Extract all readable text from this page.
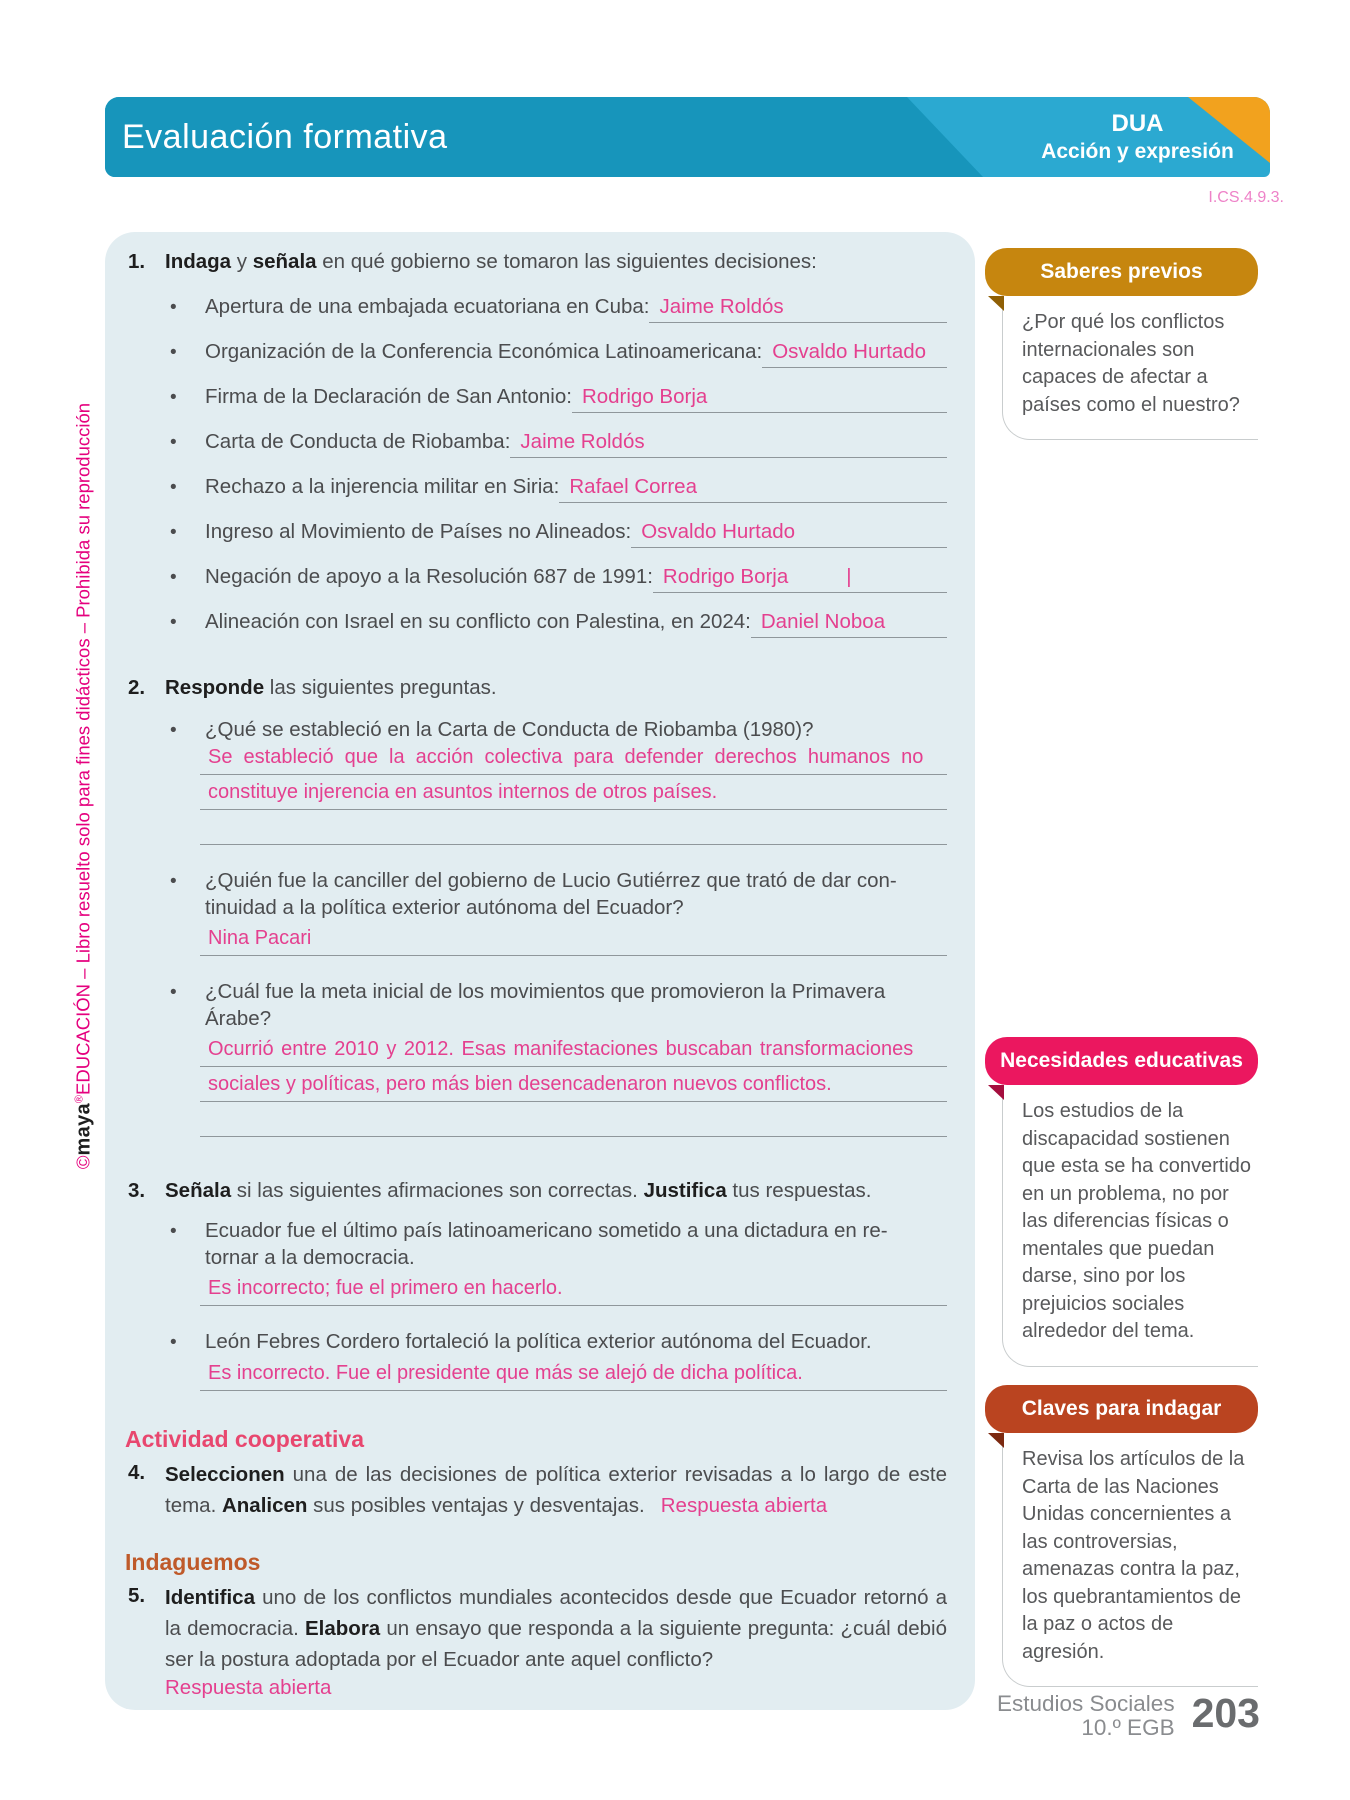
Evaluación formativa	DUA
Acción y expresión
I.CS.4.9.3.
©maya®EDUCACIÓN – Libro resuelto solo para fines didácticos – Prohibida su reproducción
1. Indaga y señala en qué gobierno se tomaron las siguientes decisiones:

•	Apertura de una embajada ecuatoriana en Cuba: Jaime Roldós
•	Organización de la Conferencia Económica Latinoamericana: Osvaldo Hurtado
•	Firma de la Declaración de San Antonio: Rodrigo Borja
•	Carta de Conducta de Riobamba: Jaime Roldós
•	Rechazo a la injerencia militar en Siria: Rafael Correa
•	Ingreso al Movimiento de Países no Alineados: Osvaldo Hurtado
•	Negación de apoyo a la Resolución 687 de 1991: Rodrigo Borja	|
•	Alineación con Israel en su conflicto con Palestina, en 2024: Daniel Noboa
2. Responde las siguientes preguntas.

•	¿Qué se estableció en la Carta de Conducta de Riobamba (1980)?
Se estableció que la acción colectiva para defender derechos humanos no
constituye injerencia en asuntos internos de otros países.
•	¿Quién fue la canciller del gobierno de Lucio Gutiérrez que trató de dar con-
tinuidad a la política exterior autónoma del Ecuador?
Nina Pacari
•	¿Cuál fue la meta inicial de los movimientos que promovieron la Primavera
Árabe?
Ocurrió entre 2010 y 2012. Esas manifestaciones buscaban transformaciones
sociales y políticas, pero más bien desencadenaron nuevos conflictos.
3. Señala si las siguientes afirmaciones son correctas. Justifica tus respuestas.

•	Ecuador fue el último país latinoamericano sometido a una dictadura en re-
tornar a la democracia.
Es incorrecto; fue el primero en hacerlo.
•	León Febres Cordero fortaleció la política exterior autónoma del Ecuador.
Es incorrecto. Fue el presidente que más se alejó de dicha política.
Actividad cooperativa
4. Seleccionen una de las decisiones de política exterior revisadas a lo largo de este tema. Analicen sus posibles ventajas y desventajas. Respuesta abierta

Indaguemos
5. Identifica uno de los conflictos mundiales acontecidos desde que Ecuador retornó a la democracia. Elabora un ensayo que responda a la siguiente pregunta: ¿cuál debió ser la postura adoptada por el Ecuador ante aquel conflicto?
Respuesta abierta

Saberes previos

¿Por qué los conflictos internacionales son capaces de afectar a países como el nuestro?

Necesidades educativas

Los estudios de la discapacidad sostienen que esta se ha convertido en un problema, no por las diferencias físicas o mentales que puedan darse, sino por los prejuicios sociales alrededor del tema.

Claves para indagar

Revisa los artículos de la Carta de las Naciones Unidas concernientes a las controversias, amenazas contra la paz, los quebrantamientos de la paz o actos de agresión.

Estudios Sociales
10.º EGB 203
